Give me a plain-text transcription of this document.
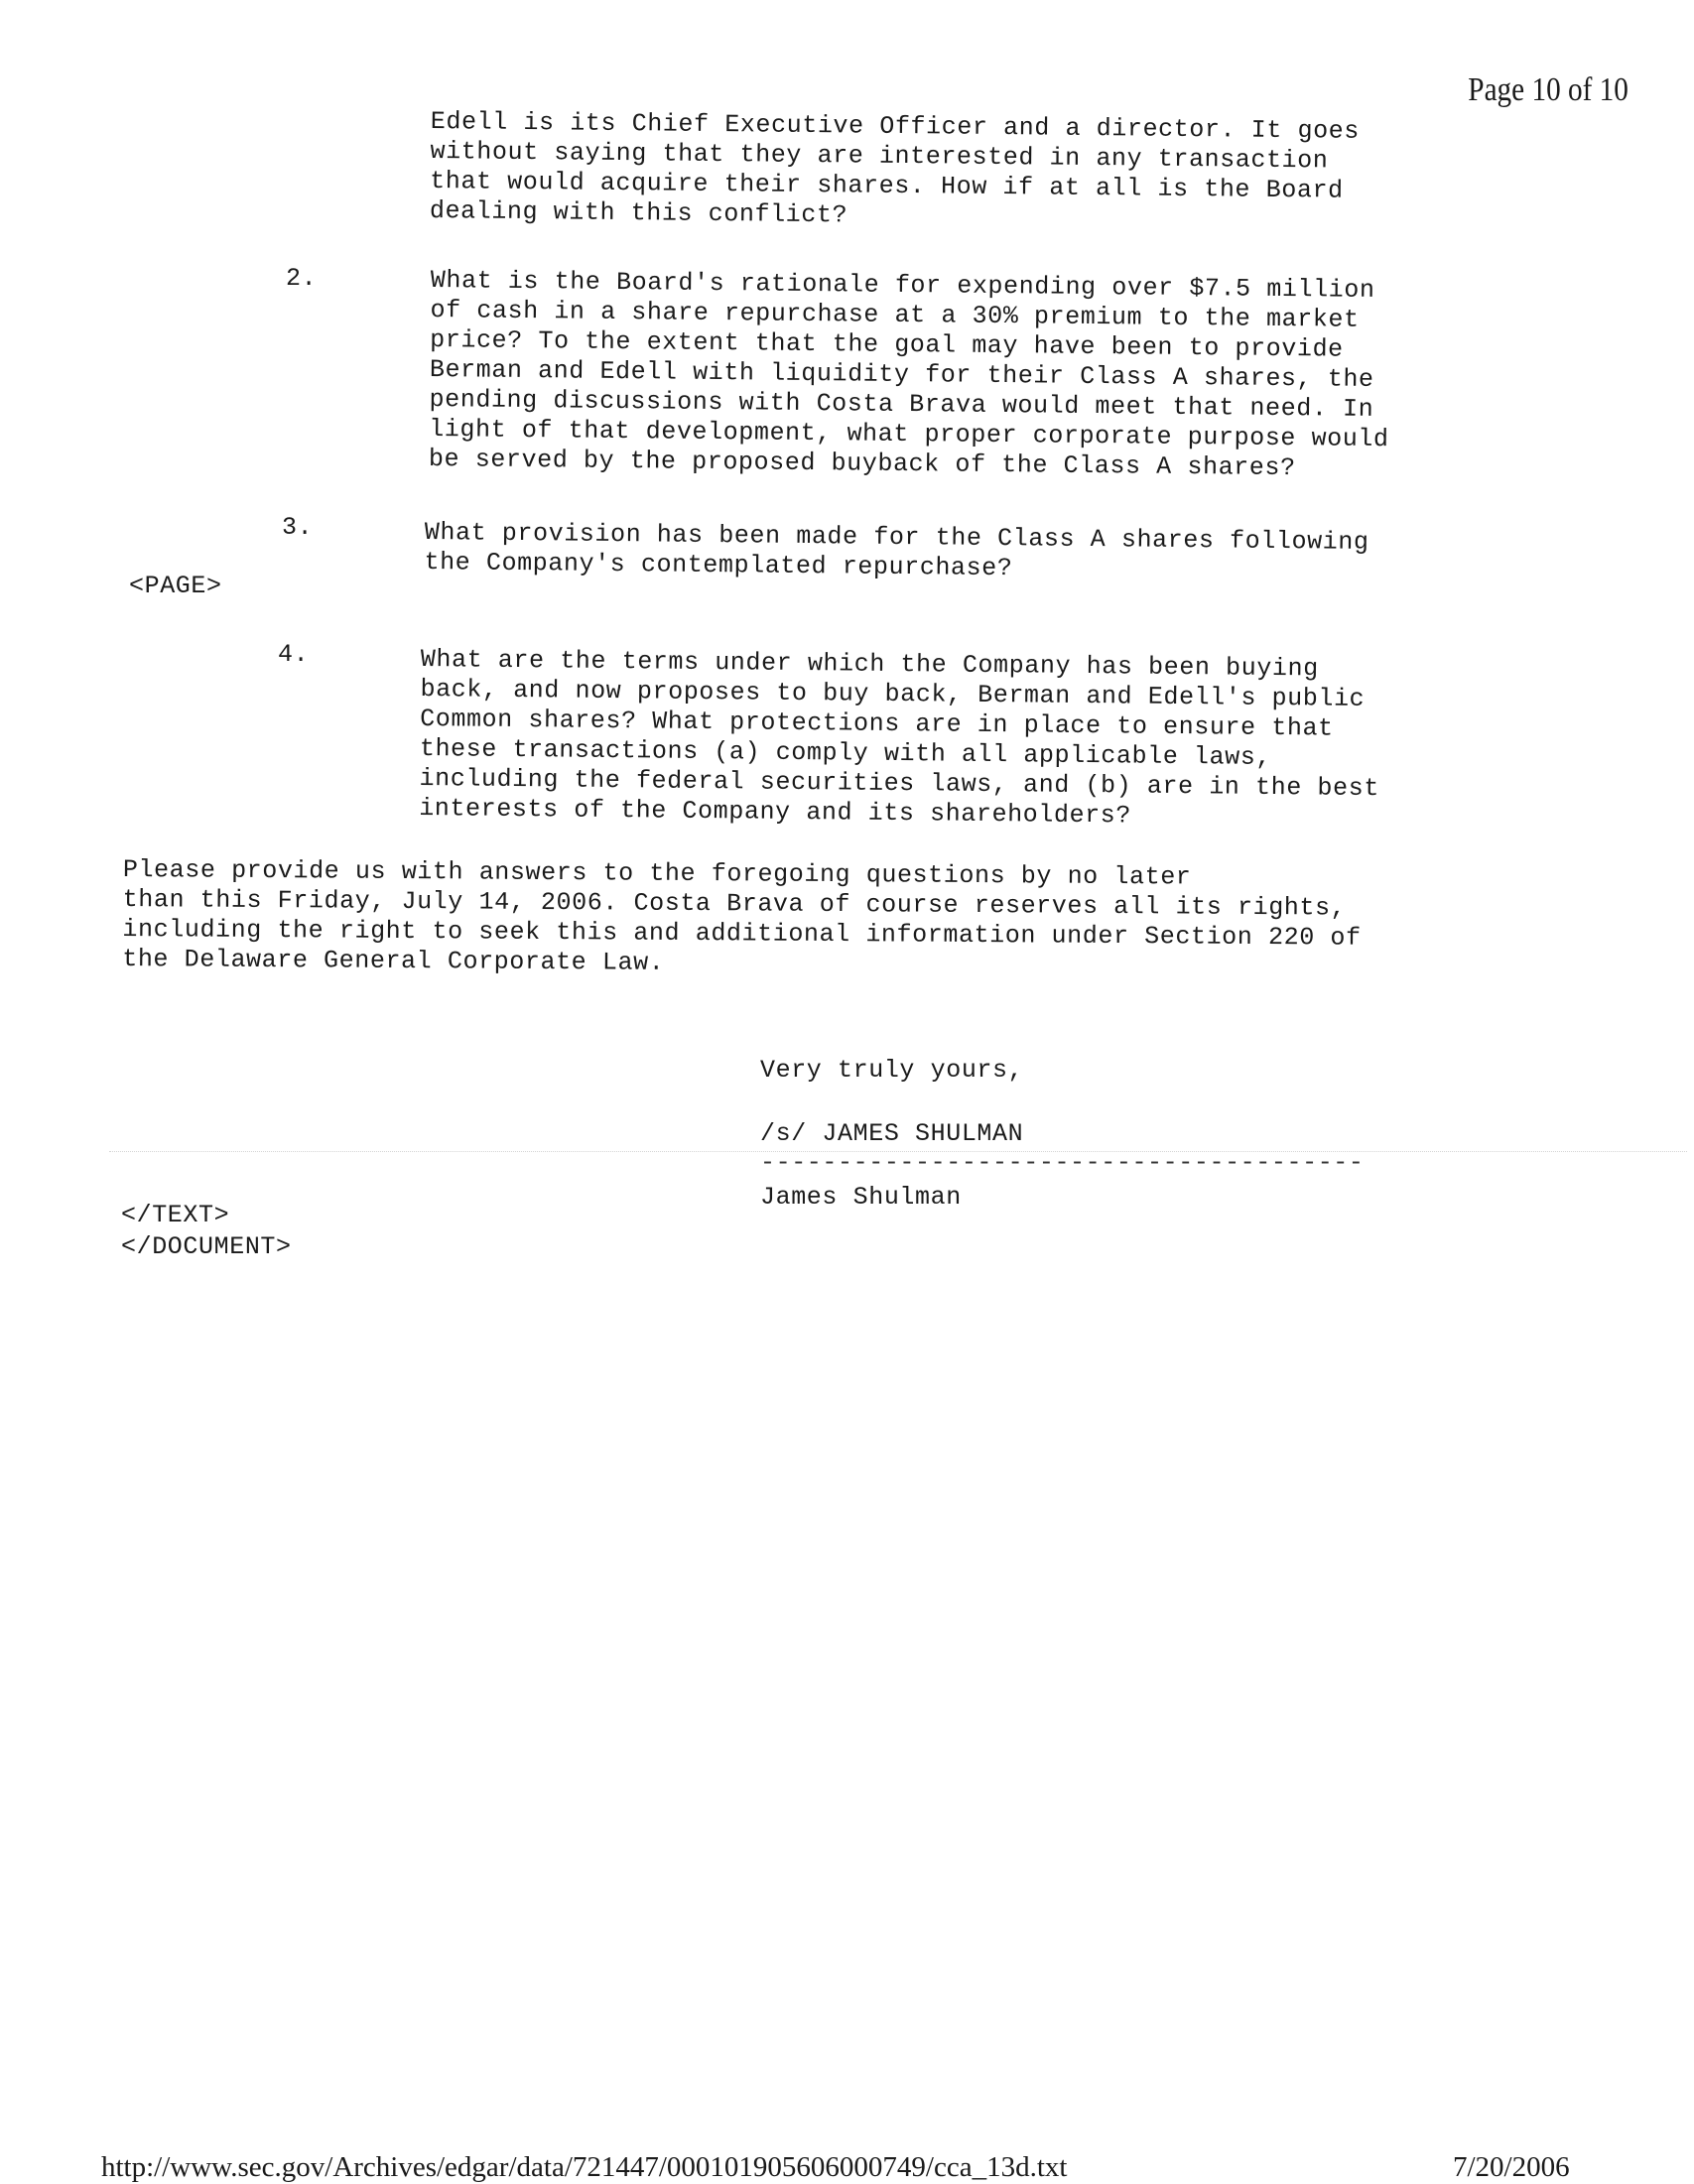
Page 10 of 10
Edell is its Chief Executive Officer and a director. It goes
without saying that they are interested in any transaction
that would acquire their shares. How if at all is the Board
dealing with this conflict?
2.	What is the Board's rationale for expending over $7.5 million
of cash in a share repurchase at a 30% premium to the market
price? To the extent that the goal may have been to provide
Berman and Edell with liquidity for their Class A shares, the
pending discussions with Costa Brava would meet that need. In
light of that development, what proper corporate purpose would
be served by the proposed buyback of the Class A shares?
3.	What provision has been made for the Class A shares following
the Company's contemplated repurchase?
<PAGE>
4.	What are the terms under which the Company has been buying
back, and now proposes to buy back, Berman and Edell's public
Common shares? What protections are in place to ensure that
these transactions (a) comply with all applicable laws,
including the federal securities laws, and (b) are in the best
interests of the Company and its shareholders?
Please provide us with answers to the foregoing questions by no later
than this Friday, July 14, 2006. Costa Brava of course reserves all its rights,
including the right to seek this and additional information under Section 220 of
the Delaware General Corporate Law.
Very truly yours,
/s/ JAMES SHULMAN
---------------------------------------
James Shulman
</TEXT>
</DOCUMENT>
http://www.sec.gov/Archives/edgar/data/721447/000101905606000749/cca_13d.txt	7/20/2006
